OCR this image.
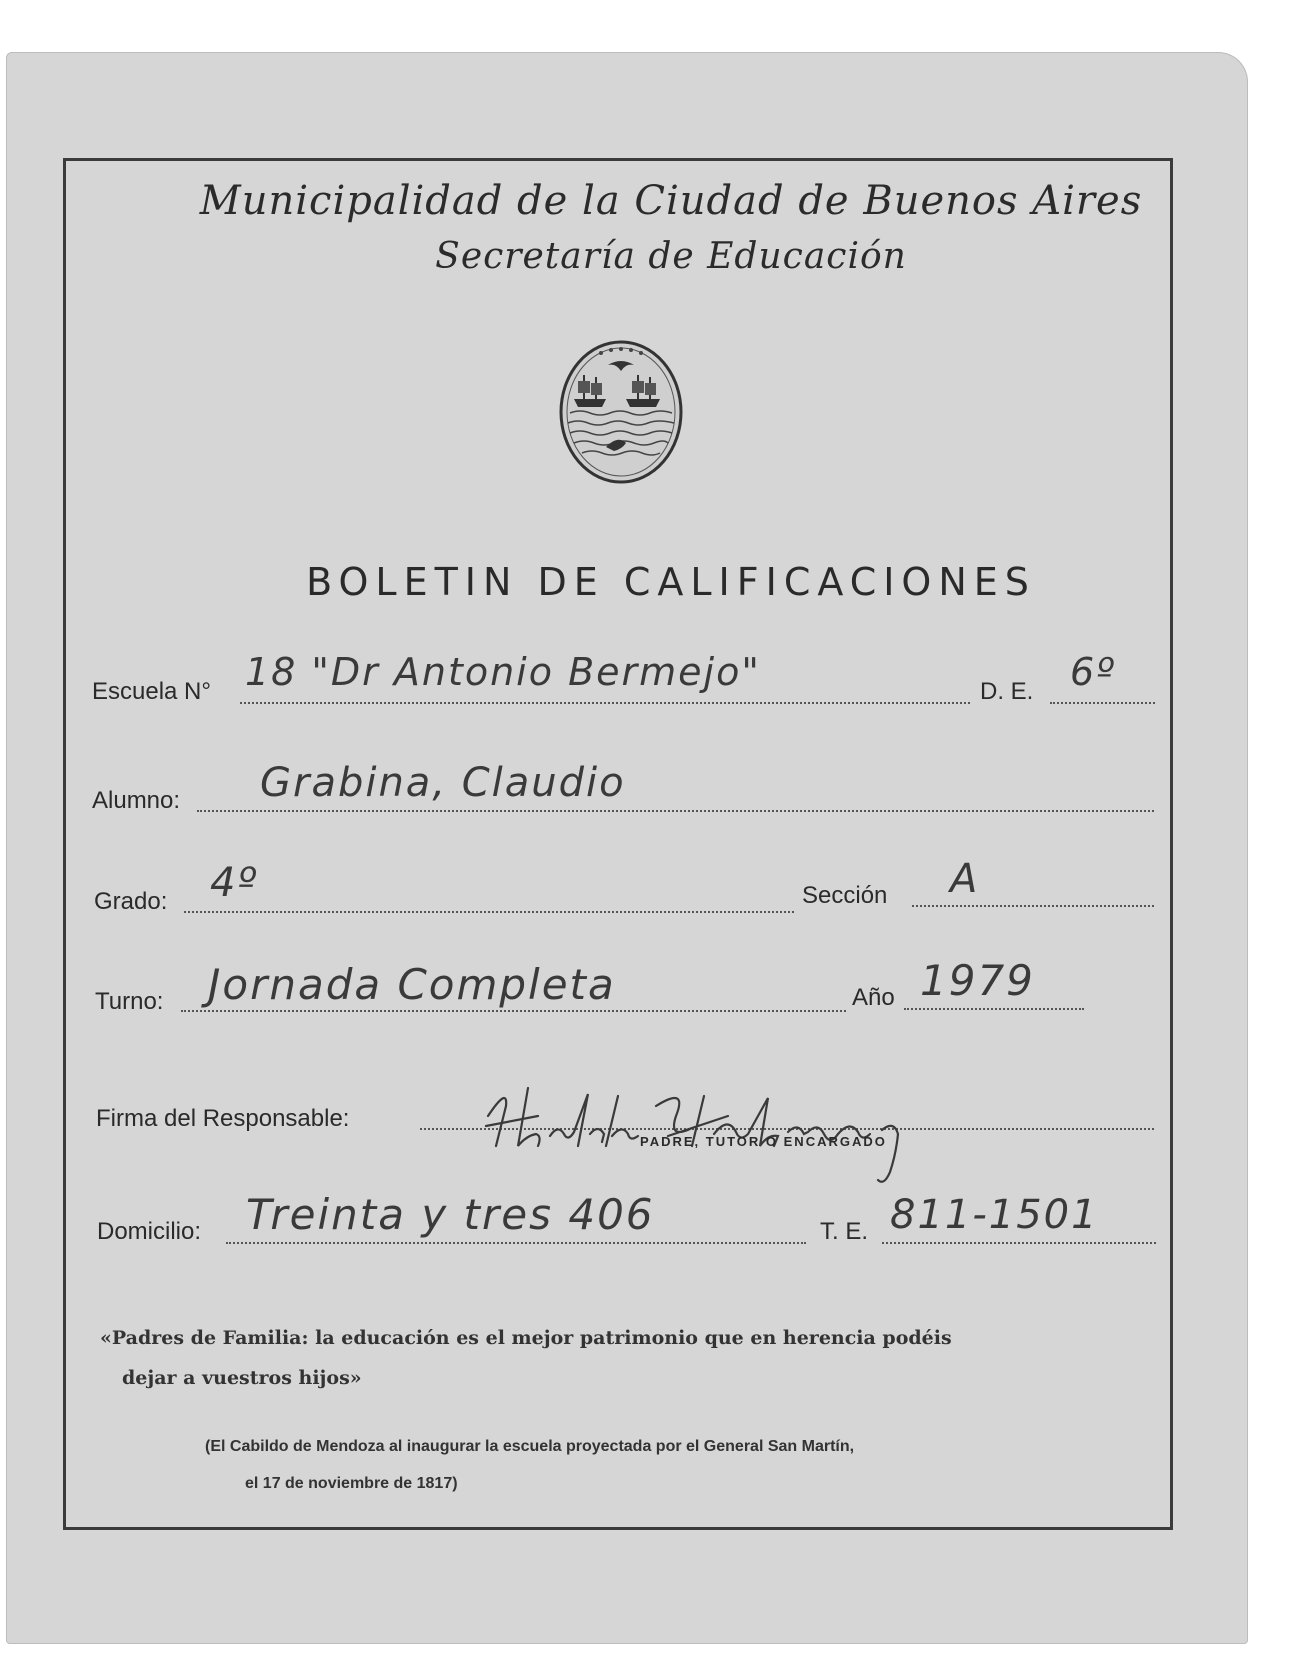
Municipalidad de la Ciudad de Buenos Aires
Secretaría de Educación
BOLETIN DE CALIFICACIONES
Escuela N° 18 "Dr Antonio Bermejo"	D. E. 6º
Alumno: Grabina, Claudio
Grado: 4º	Sección A
Turno: Jornada Completa	Año 1979
Firma del Responsable:
PADRE, TUTOR O ENCARGADO
Domicilio: Treinta y tres 406	T. E. 811-1501
«Padres de Familia: la educación es el mejor patrimonio que en herencia podéis
dejar a vuestros hijos»
(El Cabildo de Mendoza al inaugurar la escuela proyectada por el General San Martín,
el 17 de noviembre de 1817)
